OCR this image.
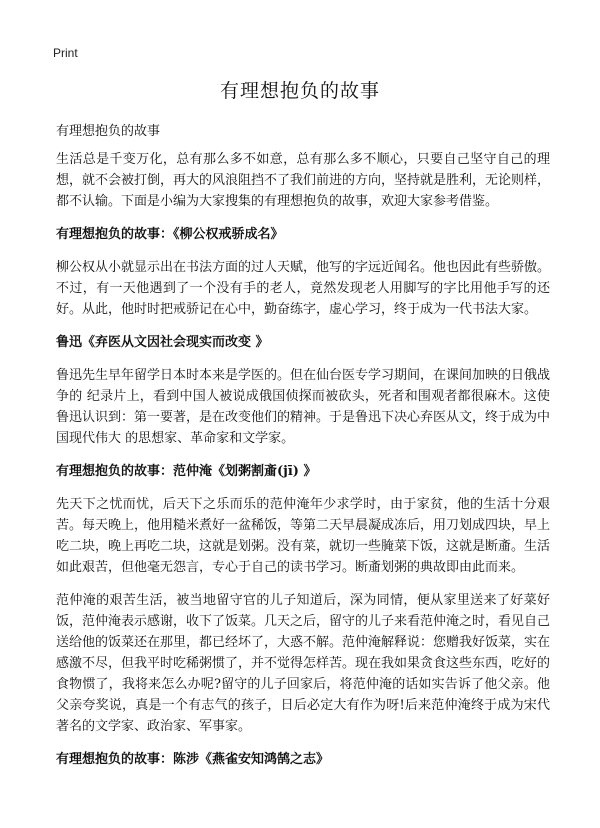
Print
有理想抱负的故事
有理想抱负的故事

生活总是千变万化，总有那么多不如意，总有那么多不顺心，只要自己坚守自己的理想，就不会被打倒，再大的风浪阻挡不了我们前进的方向，坚持就是胜利，无论则样，都不认输。下面是小编为大家搜集的有理想抱负的故事，欢迎大家参考借鉴。

有理想抱负的故事：《柳公权戒骄成名》

柳公权从小就显示出在书法方面的过人天赋，他写的字远近闻名。他也因此有些骄傲。不过，有一天他遇到了一个没有手的老人，竟然发现老人用脚写的字比用他手写的还好。从此，他时时把戒骄记在心中，勤奋练字，虚心学习，终于成为一代书法大家。

鲁迅《弃医从文因社会现实而改变 》

鲁迅先生早年留学日本时本来是学医的。但在仙台医专学习期间，在课间加映的日俄战争的 纪录片上，看到中国人被说成俄国侦探而被砍头，死者和围观者都很麻木。这使鲁迅认识到：第一要著，是在改变他们的精神。于是鲁迅下决心弃医从文，终于成为中国现代伟大 的思想家、革命家和文学家。

有理想抱负的故事：范仲淹《划粥割齑(jī) 》

先天下之忧而忧，后天下之乐而乐的范仲淹年少求学时，由于家贫，他的生活十分艰苦。每天晚上，他用糙米煮好一盆稀饭，等第二天早晨凝成冻后，用刀划成四块，早上吃二块，晚上再吃二块，这就是划粥。没有菜，就切一些腌菜下饭，这就是断齑。生活如此艰苦，但他毫无怨言，专心于自己的读书学习。断齑划粥的典故即由此而来。

范仲淹的艰苦生活，被当地留守官的儿子知道后，深为同情，便从家里送来了好菜好饭，范仲淹表示感谢，收下了饭菜。几天之后，留守的儿子来看范仲淹之时，看见自己送给他的饭菜还在那里，都已经坏了，大惑不解。范仲淹解释说：您赠我好饭菜，实在感激不尽，但我平时吃稀粥惯了，并不觉得怎样苦。现在我如果贪食这些东西，吃好的食物惯了，我将来怎么办呢?留守的儿子回家后，将范仲淹的话如实告诉了他父亲。他父亲夸奖说，真是一个有志气的孩子，日后必定大有作为呀!后来范仲淹终于成为宋代著名的文学家、政治家、军事家。

有理想抱负的故事：陈涉《燕雀安知鸿鹄之志》
